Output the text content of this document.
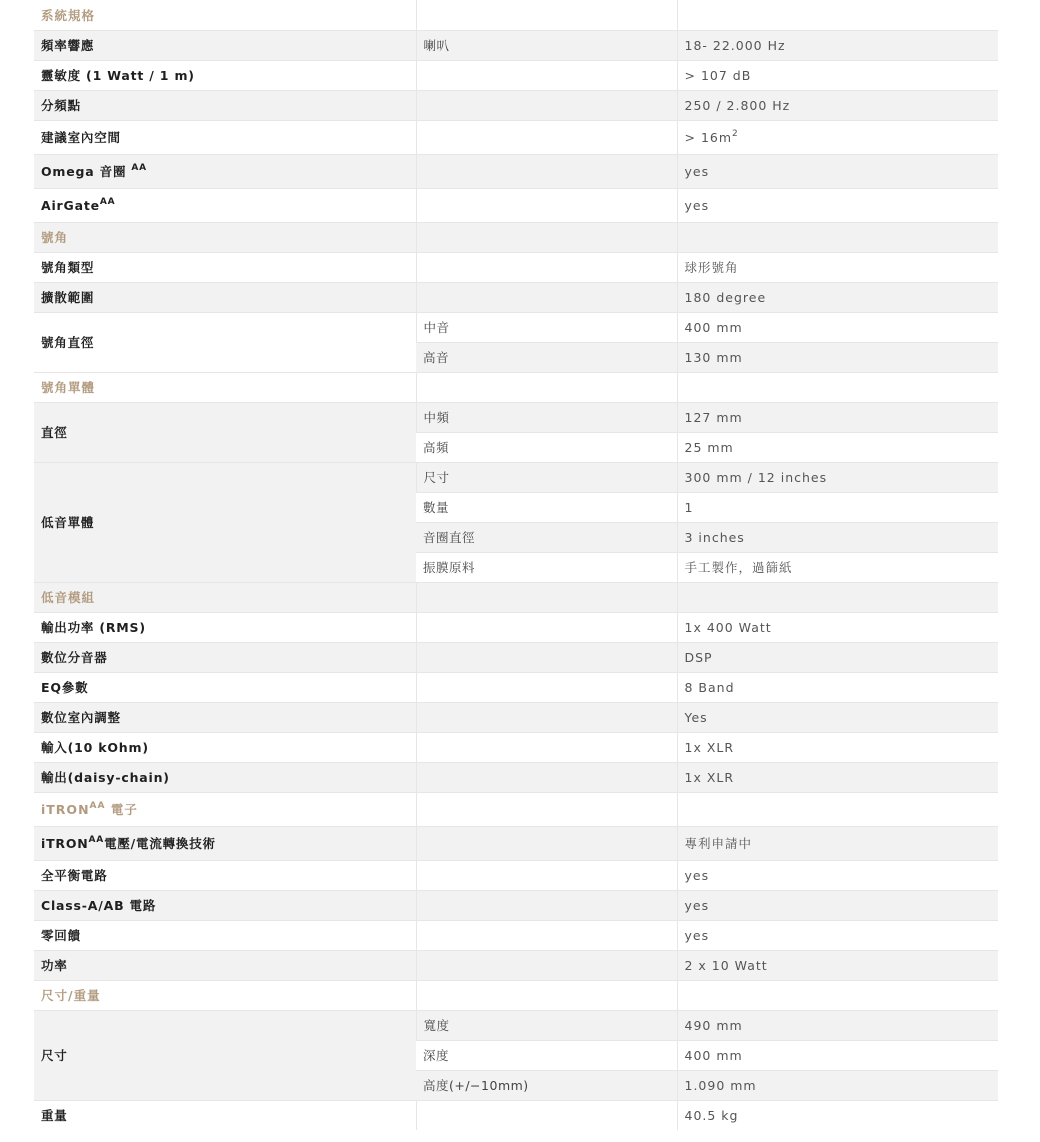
系統規格		
頻率響應	喇叭	18- 22.000 Hz
靈敏度 (1 Watt / 1 m)		> 107 dB
分頻點		250 / 2.800 Hz
建議室內空間		> $16m^2$
Omega 音圈 $^{AA}$		yes
AirGate$^{AA}$		yes
號角		
號角類型		球形號角
擴散範圍		180 degree
號角直徑	中音	400 mm
	高音	130 mm
號角單體		
直徑	中頻	127 mm
	高頻	25 mm
低音單體	尺寸	300 mm / 12 inches
	數量	1
	音圈直徑	3 inches
	振膜原料	手工製作，過篩紙
低音模組		
輸出功率 (RMS)		1x 400 Watt
數位分音器		DSP
EQ參數		8 Band
數位室內調整		Yes
輸入(10 kOhm)		1x XLR
輸出(daisy-chain)		1x XLR
iTRON$^{AA}$ 電子		
iTRON$^{AA}$電壓/電流轉換技術		專利申請中
全平衡電路		yes
Class-A/AB 電路		yes
零回饋		yes
功率		2 x 10 Watt
尺寸/重量		
尺寸	寬度	490 mm
	深度	400 mm
	高度(+/−10mm)	1.090 mm
重量		40.5 kg
